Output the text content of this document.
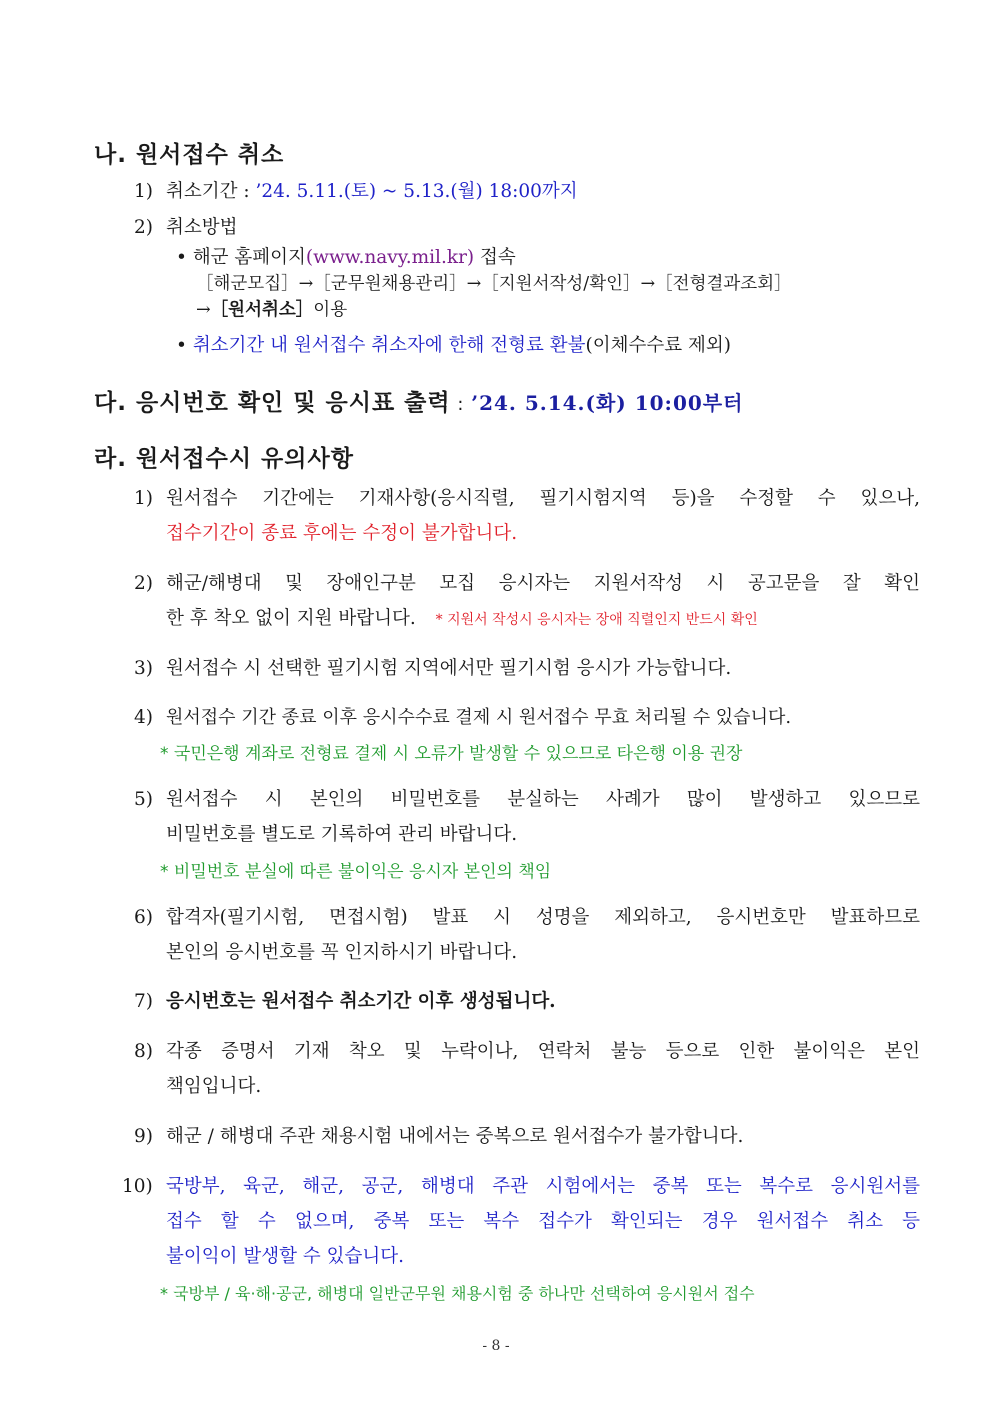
나. 원서접수 취소
1) 취소기간 : ’24. 5.11.(토) ~ 5.13.(월) 18:00까지
2) 취소방법
• 해군 홈페이지(www.navy.mil.kr) 접속
［해군모집］→［군무원채용관리］→［지원서작성/확인］→［전형결과조회］
→［원서취소］이용
• 취소기간 내 원서접수 취소자에 한해 전형료 환불(이체수수료 제외)
다. 응시번호 확인 및 응시표 출력 : ’24. 5.14.(화) 10:00부터
라. 원서접수시 유의사항
1) 원서접수 기간에는 기재사항(응시직렬, 필기시험지역 등)을 수정할 수 있으나,
접수기간이 종료 후에는 수정이 불가합니다.
2) 해군/해병대 및 장애인구분 모집 응시자는 지원서작성 시 공고문을 잘 확인
한 후 착오 없이 지원 바랍니다. * 지원서 작성시 응시자는 장애 직렬인지 반드시 확인
3) 원서접수 시 선택한 필기시험 지역에서만 필기시험 응시가 가능합니다.
4) 원서접수 기간 종료 이후 응시수수료 결제 시 원서접수 무효 처리될 수 있습니다.
* 국민은행 계좌로 전형료 결제 시 오류가 발생할 수 있으므로 타은행 이용 권장
5) 원서접수 시 본인의 비밀번호를 분실하는 사례가 많이 발생하고 있으므로
비밀번호를 별도로 기록하여 관리 바랍니다.
* 비밀번호 분실에 따른 불이익은 응시자 본인의 책임
6) 합격자(필기시험, 면접시험) 발표 시 성명을 제외하고, 응시번호만 발표하므로
본인의 응시번호를 꼭 인지하시기 바랍니다.
7) 응시번호는 원서접수 취소기간 이후 생성됩니다.
8) 각종 증명서 기재 착오 및 누락이나, 연락처 불능 등으로 인한 불이익은 본인
책임입니다.
9) 해군 / 해병대 주관 채용시험 내에서는 중복으로 원서접수가 불가합니다.
10) 국방부, 육군, 해군, 공군, 해병대 주관 시험에서는 중복 또는 복수로 응시원서를
접수 할 수 없으며, 중복 또는 복수 접수가 확인되는 경우 원서접수 취소 등
불이익이 발생할 수 있습니다.
* 국방부 / 육·해·공군, 해병대 일반군무원 채용시험 중 하나만 선택하여 응시원서 접수
- 8 -
